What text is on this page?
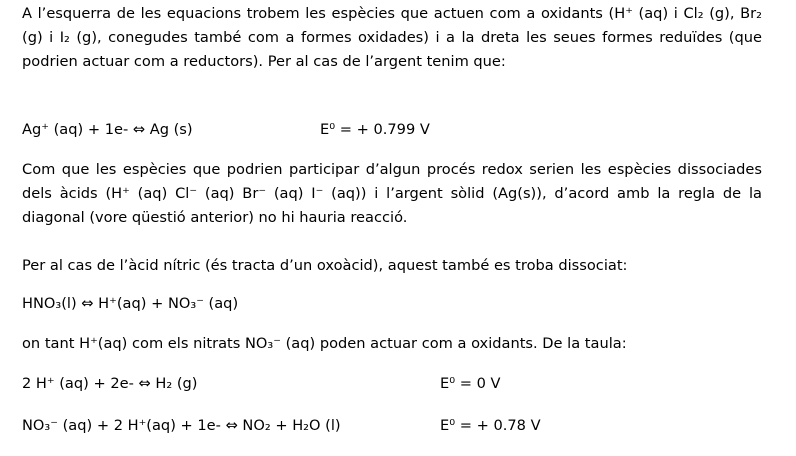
A l’esquerra de les equacions trobem les espècies que actuen com a oxidants (H⁺ (aq) i Cl₂ (g), Br₂ (g) i I₂ (g), conegudes també com a formes oxidades) i a la dreta les seues formes reduïdes (que podrien actuar com a reductors). Per al cas de l’argent tenim que:

Ag⁺ (aq) + 1e- ⇔ Ag (s)	E⁰ = + 0.799 V

Com que les espècies que podrien participar d’algun procés redox serien les espècies dissociades dels àcids (H⁺ (aq) Cl⁻ (aq) Br⁻ (aq) I⁻ (aq)) i l’argent sòlid (Ag(s)), d’acord amb la regla de la diagonal (vore qüestió anterior) no hi hauria reacció.

Per al cas de l’àcid nítric (és tracta d’un oxoàcid), aquest també es troba dissociat:

HNO₃(l) ⇔ H⁺(aq) + NO₃⁻ (aq)

on tant H⁺(aq) com els nitrats NO₃⁻ (aq) poden actuar com a oxidants. De la taula:

2 H⁺ (aq) + 2e- ⇔ H₂ (g)	E⁰ = 0 V
NO₃⁻ (aq) + 2 H⁺(aq) + 1e- ⇔ NO₂ + H₂O (l)	E⁰ = + 0.78 V
